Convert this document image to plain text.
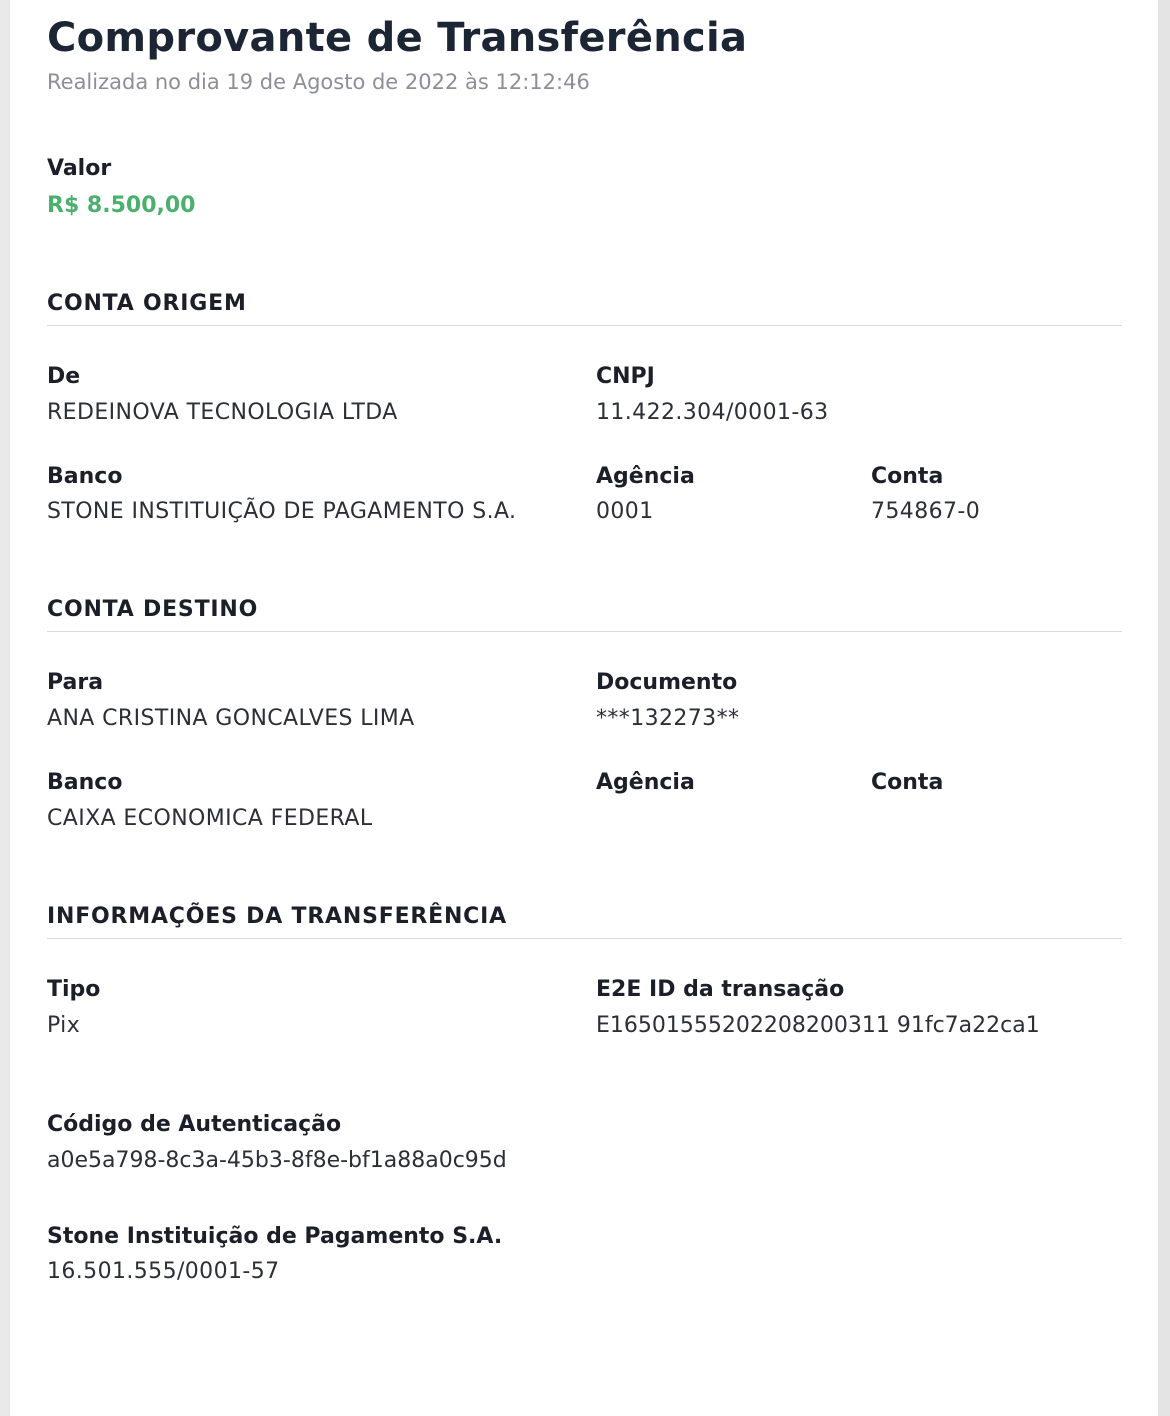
Comprovante de Transferência
Realizada no dia 19 de Agosto de 2022 às 12:12:46
Valor
R$ 8.500,00
CONTA ORIGEM
De
REDEINOVA TECNOLOGIA LTDA
CNPJ
11.422.304/0001-63
Banco
STONE INSTITUIÇÃO DE PAGAMENTO S.A.
Agência
0001
Conta
754867-0
CONTA DESTINO
Para
ANA CRISTINA GONCALVES LIMA
Documento
***132273**
Banco
CAIXA ECONOMICA FEDERAL
Agência	Conta
INFORMAÇÕES DA TRANSFERÊNCIA
Tipo
Pix
E2E ID da transação
E16501555202208200311 91fc7a22ca1
Código de Autenticação
a0e5a798-8c3a-45b3-8f8e-bf1a88a0c95d
Stone Instituição de Pagamento S.A.
16.501.555/0001-57
